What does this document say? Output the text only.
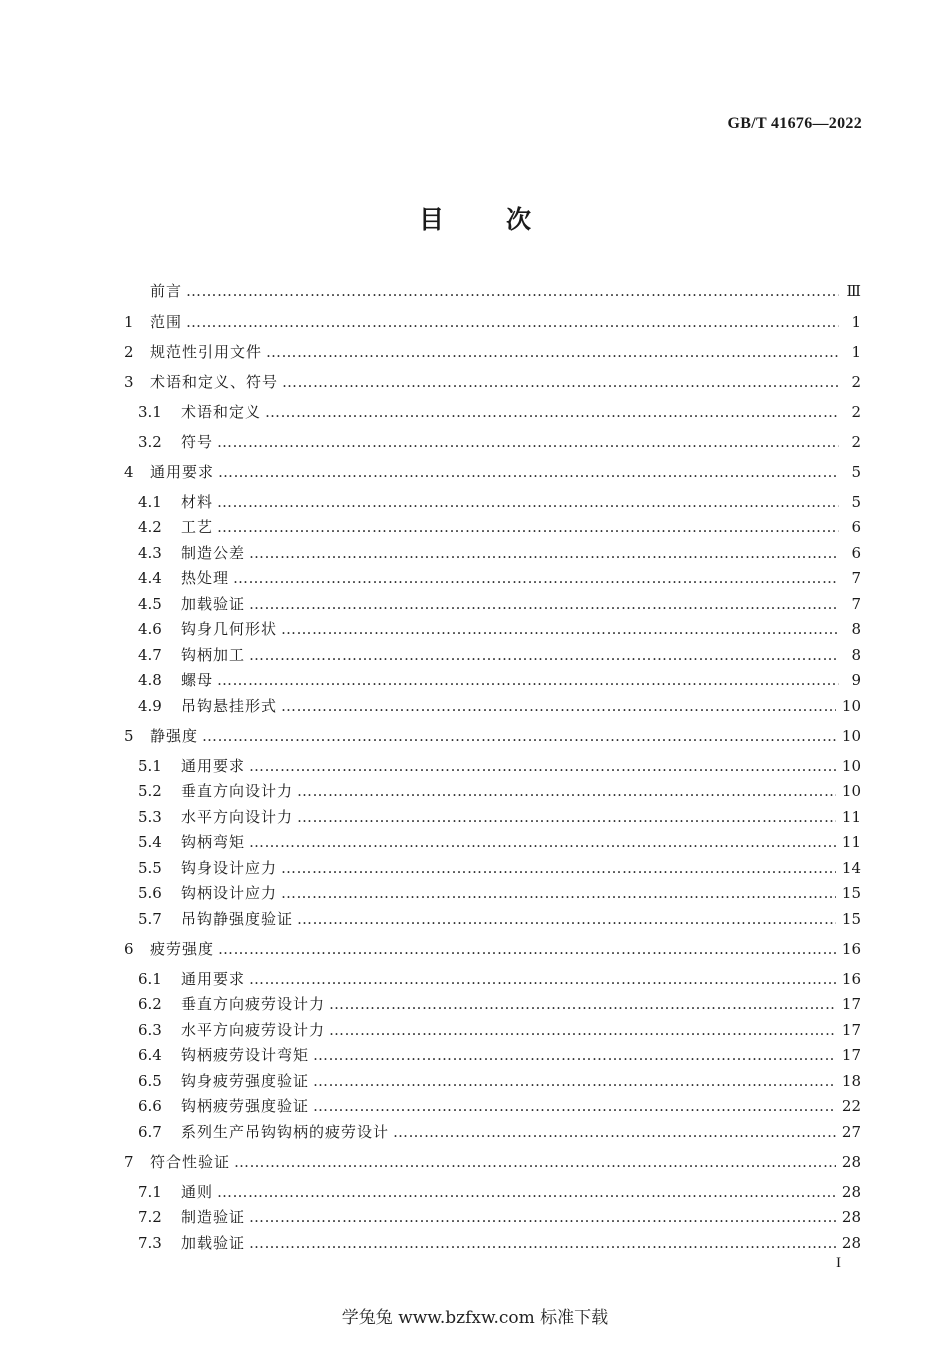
GB/T 41676—2022
目 次
前言 ………………………………………………………………………………………………………………………………………………………………………………………………………………	Ⅲ
1	范围 ………………………………………………………………………………………………………………………………………………………………………………………………………………	1
2	规范性引用文件 ………………………………………………………………………………………………………………………………………………………………………………………………………………	1
3	术语和定义、符号 ………………………………………………………………………………………………………………………………………………………………………………………………………………	2
3.1	术语和定义 ………………………………………………………………………………………………………………………………………………………………………………………………………………	2
3.2	符号 ………………………………………………………………………………………………………………………………………………………………………………………………………………	2
4	通用要求 ………………………………………………………………………………………………………………………………………………………………………………………………………………	5
4.1	材料 ………………………………………………………………………………………………………………………………………………………………………………………………………………	5
4.2	工艺 ………………………………………………………………………………………………………………………………………………………………………………………………………………	6
4.3	制造公差 ………………………………………………………………………………………………………………………………………………………………………………………………………………	6
4.4	热处理 ………………………………………………………………………………………………………………………………………………………………………………………………………………	7
4.5	加载验证 ………………………………………………………………………………………………………………………………………………………………………………………………………………	7
4.6	钩身几何形状 ………………………………………………………………………………………………………………………………………………………………………………………………………………	8
4.7	钩柄加工 ………………………………………………………………………………………………………………………………………………………………………………………………………………	8
4.8	螺母 ………………………………………………………………………………………………………………………………………………………………………………………………………………	9
4.9	吊钩悬挂形式 ………………………………………………………………………………………………………………………………………………………………………………………………………………	10
5	静强度 ………………………………………………………………………………………………………………………………………………………………………………………………………………	10
5.1	通用要求 ………………………………………………………………………………………………………………………………………………………………………………………………………………	10
5.2	垂直方向设计力 ………………………………………………………………………………………………………………………………………………………………………………………………………………	10
5.3	水平方向设计力 ………………………………………………………………………………………………………………………………………………………………………………………………………………	11
5.4	钩柄弯矩 ………………………………………………………………………………………………………………………………………………………………………………………………………………	11
5.5	钩身设计应力 ………………………………………………………………………………………………………………………………………………………………………………………………………………	14
5.6	钩柄设计应力 ………………………………………………………………………………………………………………………………………………………………………………………………………………	15
5.7	吊钩静强度验证 ………………………………………………………………………………………………………………………………………………………………………………………………………………	15
6	疲劳强度 ………………………………………………………………………………………………………………………………………………………………………………………………………………	16
6.1	通用要求 ………………………………………………………………………………………………………………………………………………………………………………………………………………	16
6.2	垂直方向疲劳设计力 ………………………………………………………………………………………………………………………………………………………………………………………………………………	17
6.3	水平方向疲劳设计力 ………………………………………………………………………………………………………………………………………………………………………………………………………………	17
6.4	钩柄疲劳设计弯矩 ………………………………………………………………………………………………………………………………………………………………………………………………………………	17
6.5	钩身疲劳强度验证 ………………………………………………………………………………………………………………………………………………………………………………………………………………	18
6.6	钩柄疲劳强度验证 ………………………………………………………………………………………………………………………………………………………………………………………………………………	22
6.7	系列生产吊钩钩柄的疲劳设计 ………………………………………………………………………………………………………………………………………………………………………………………………………………	27
7	符合性验证 ………………………………………………………………………………………………………………………………………………………………………………………………………………	28
7.1	通则 ………………………………………………………………………………………………………………………………………………………………………………………………………………	28
7.2	制造验证 ………………………………………………………………………………………………………………………………………………………………………………………………………………	28
7.3	加载验证 ………………………………………………………………………………………………………………………………………………………………………………………………………………	28
I
学兔兔 www.bzfxw.com 标准下载
